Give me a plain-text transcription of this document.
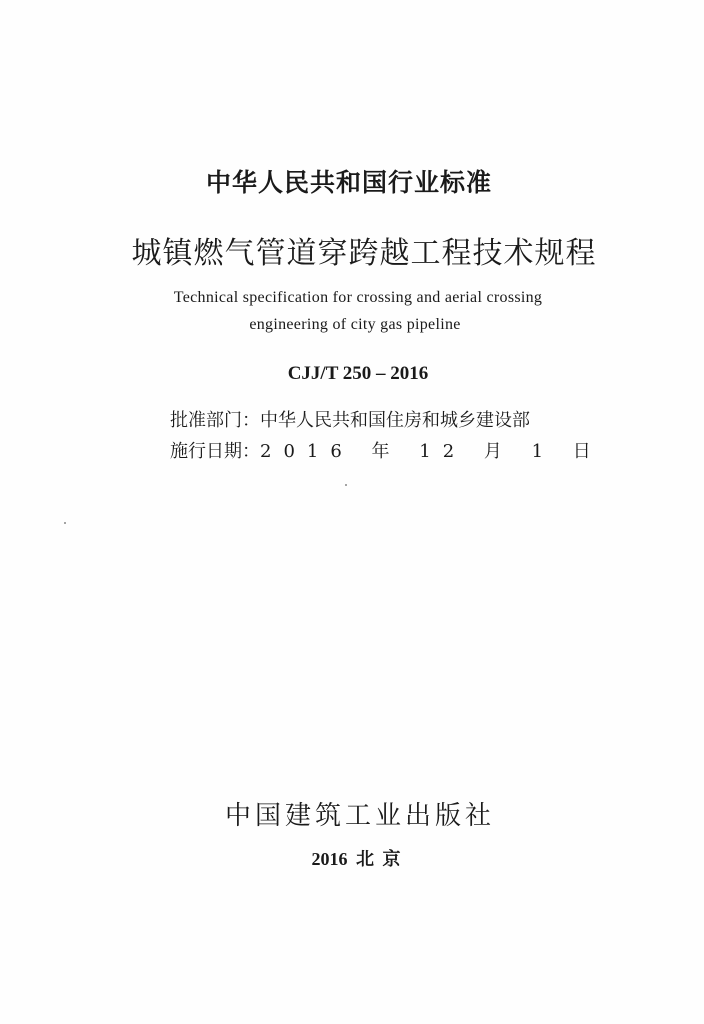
中华人民共和国行业标准
城镇燃气管道穿跨越工程技术规程
Technical specification for crossing and aerial crossing
engineering of city gas pipeline
CJJ/T 250 – 2016
批准部门：中华人民共和国住房和城乡建设部
施行日期：2016 年 12 月 1 日
中国建筑工业出版社
2016 北 京
